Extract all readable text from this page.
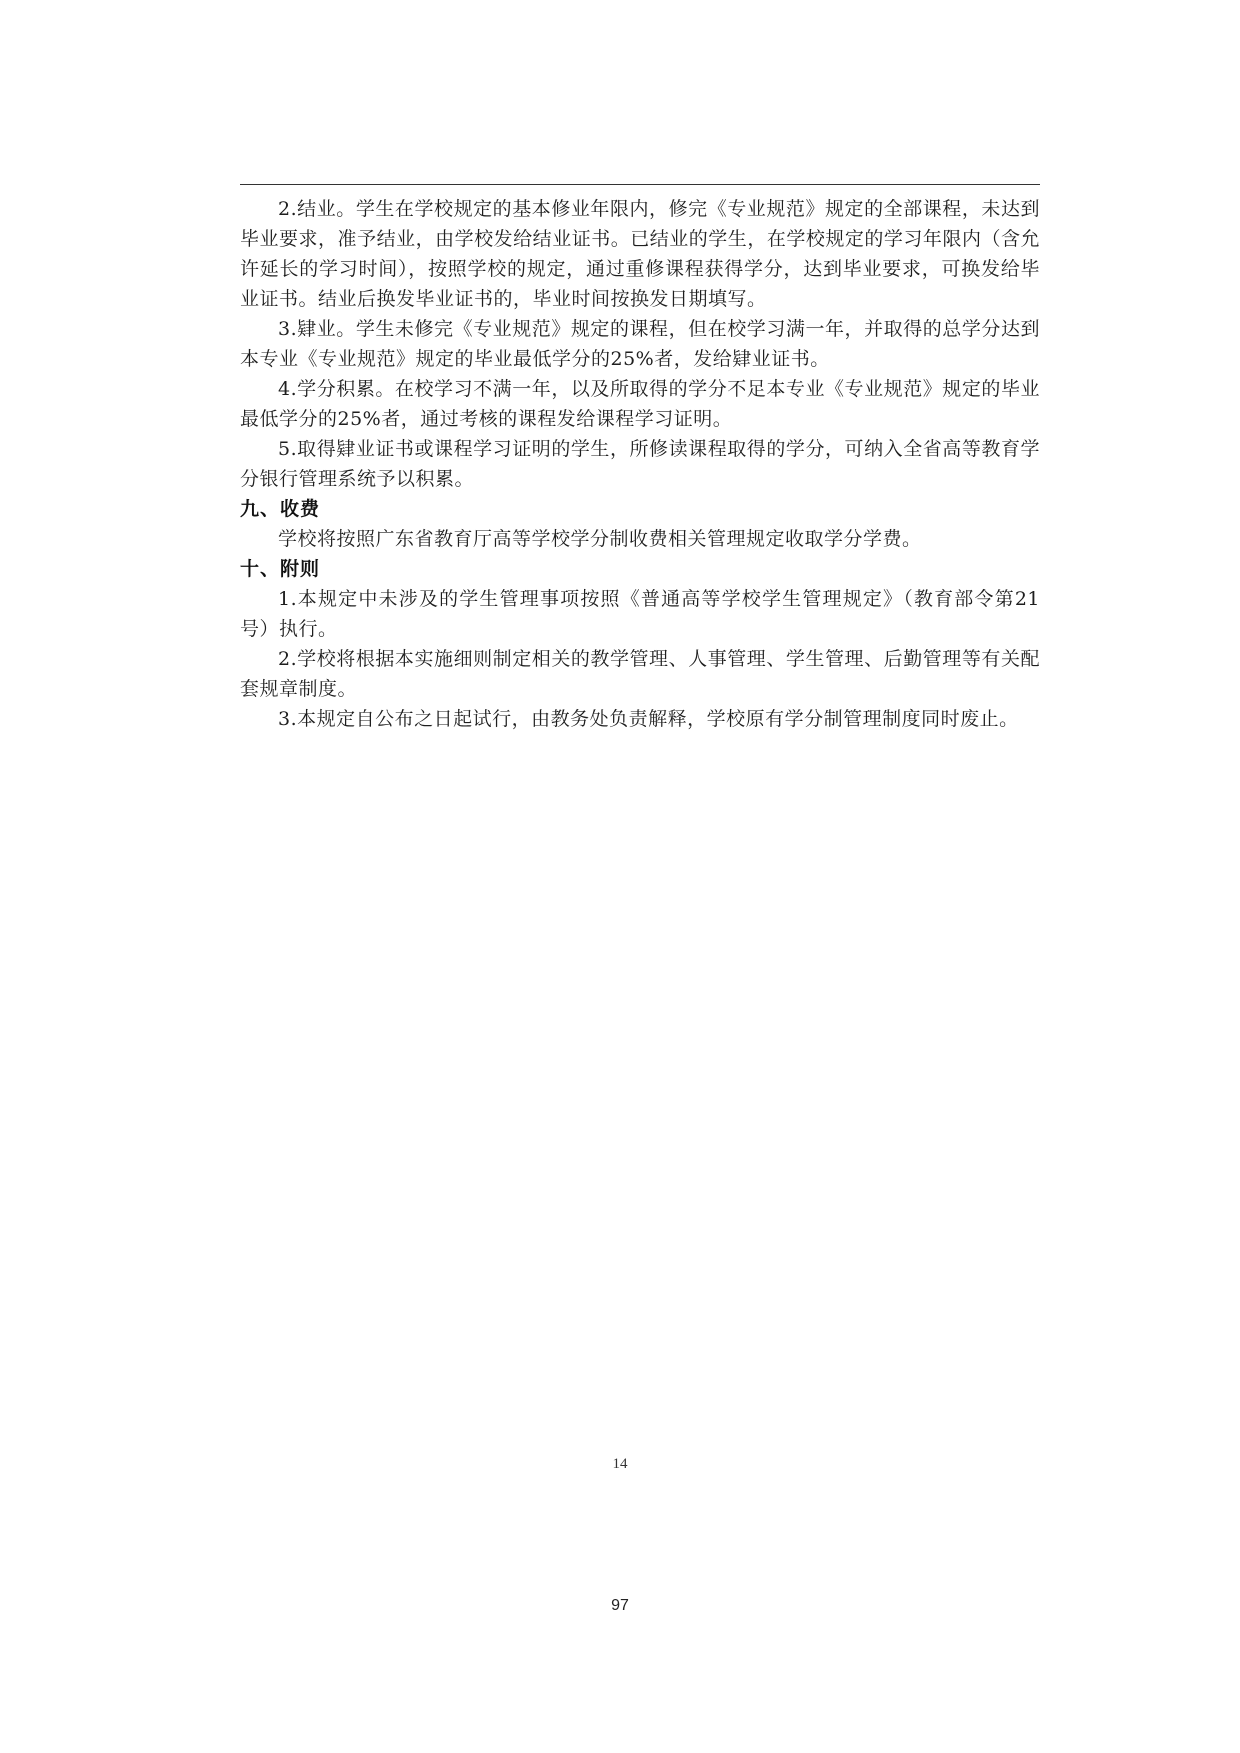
2.结业。学生在学校规定的基本修业年限内，修完《专业规范》规定的全部课程，未达到毕业要求，准予结业，由学校发给结业证书。已结业的学生，在学校规定的学习年限内（含允许延长的学习时间），按照学校的规定，通过重修课程获得学分，达到毕业要求，可换发给毕业证书。结业后换发毕业证书的，毕业时间按换发日期填写。

3.肄业。学生未修完《专业规范》规定的课程，但在校学习满一年，并取得的总学分达到本专业《专业规范》规定的毕业最低学分的25%者，发给肄业证书。

4.学分积累。在校学习不满一年，以及所取得的学分不足本专业《专业规范》规定的毕业最低学分的25%者，通过考核的课程发给课程学习证明。

5.取得肄业证书或课程学习证明的学生，所修读课程取得的学分，可纳入全省高等教育学分银行管理系统予以积累。

九、收费

学校将按照广东省教育厅高等学校学分制收费相关管理规定收取学分学费。

十、附则

1.本规定中未涉及的学生管理事项按照《普通高等学校学生管理规定》（教育部令第21号）执行。

2.学校将根据本实施细则制定相关的教学管理、人事管理、学生管理、后勤管理等有关配套规章制度。

3.本规定自公布之日起试行，由教务处负责解释，学校原有学分制管理制度同时废止。

14
97
